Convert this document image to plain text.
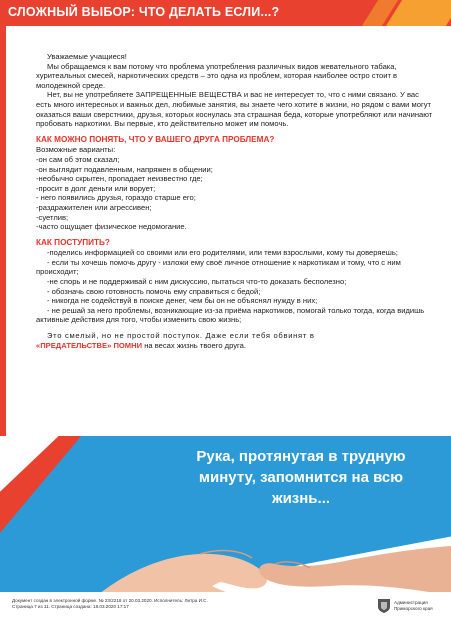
СЛОЖНЫЙ ВЫБОР: ЧТО ДЕЛАТЬ ЕСЛИ...?

Уважаемые учащиеся!

Мы обращаемся к вам потому что проблема употребления различных видов жевательного табака, хуритеальных смесей, наркотических средств – это одна из проблем, которая наиболее остро стоит в молодежной среде.

Нет, вы не употребляете ЗАПРЕЩЕННЫЕ ВЕЩЕСТВА и вас не интересует то, что с ними связано. У вас есть много интересных и важных дел, любимые занятия, вы знаете чего хотите в жизни, но рядом с вами могут оказаться ваши сверстники, друзья, которых коснулась эта страшная беда, которые употребляют или начинают пробовать наркотики. Вы первые, кто действительно может им помочь.

КАК МОЖНО ПОНЯТЬ, ЧТО У ВАШЕГО ДРУГА ПРОБЛЕМА?

Возможные варианты:

-он сам об этом сказал;

-он выглядит подавленным, напряжен в общении;

-необычно скрытен, пропадает неизвестно где;

-просит в долг деньги или ворует;

- него появились друзья, гораздо старше его;

-раздражителен или агрессивен;

-суетлив;

-часто ощущает физическое недомогание.

КАК ПОСТУПИТЬ?

-поделись информацией со своими или его родителями, или теми взрослыми, кому ты доверяешь;

- если ты хочешь помочь другу - изложи ему своё личное отношение к наркотикам и тому, что с ним происходит;

-не спорь и не поддерживай с ним дискуссию, пытаться что-то доказать бесполезно;

- обозначь свою готовность помочь ему справиться с бедой;

- никогда не содействуй в поиске денег, чем бы он не объяснял нужду в них;

- не решай за него проблемы, возникающие из-за приёма наркотиков, помогай только тогда, когда видишь активные действия для того, чтобы изменить свою жизнь;

Это смелый, но не простой поступок. Даже если тебя обвинят в

«ПРЕДАТЕЛЬСТВЕ» ПОМНИ на весах жизнь твоего друга.

Рука, протянутая в трудную минуту, запомнится на всю жизнь...
Документ создан в электронной форме. № 23/2218 от 20.03.2020. Исполнитель: Литра И.С.
Страница 7 из 11. Страница создана: 18.03.2020 17:17
Администрация
Приморского края
